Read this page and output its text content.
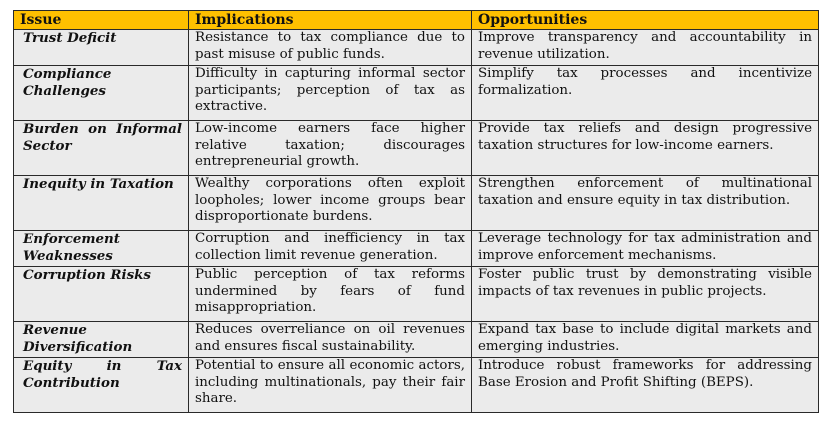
Issue	Implications	Opportunities
Trust Deficit	Resistance to tax compliance due to past misuse of public funds.	Improve transparency and accountability in revenue utilization.
Compliance Challenges	Difficulty in capturing informal sector participants; perception of tax as extractive.	Simplify tax processes and incentivize formalization.
Burden on Informal Sector	Low-income earners face higher relative taxation; discourages entrepreneurial growth.	Provide tax reliefs and design progressive taxation structures for low-income earners.
Inequity in Taxation	Wealthy corporations often exploit loopholes; lower income groups bear disproportionate burdens.	Strengthen enforcement of multinational taxation and ensure equity in tax distribution.
Enforcement Weaknesses	Corruption and inefficiency in tax collection limit revenue generation.	Leverage technology for tax administration and improve enforcement mechanisms.
Corruption Risks	Public perception of tax reforms undermined by fears of fund misappropriation.	Foster public trust by demonstrating visible impacts of tax revenues in public projects.
Revenue Diversification	Reduces overreliance on oil revenues and ensures fiscal sustainability.	Expand tax base to include digital markets and emerging industries.
Equity in Tax Contribution	Potential to ensure all economic actors, including multinationals, pay their fair share.	Introduce robust frameworks for addressing Base Erosion and Profit Shifting (BEPS).
